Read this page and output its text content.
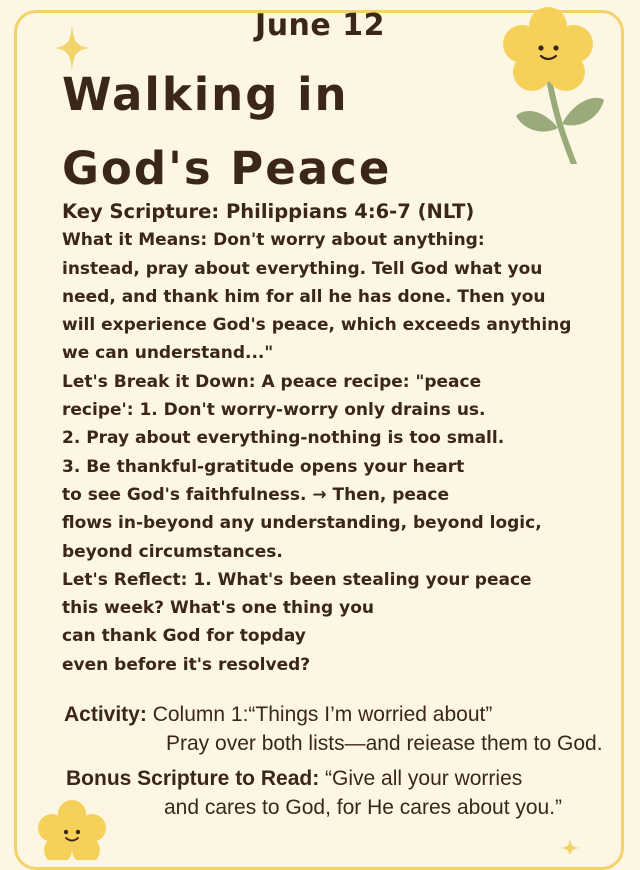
June 12
Walking in
God's Peace
Key Scripture: Philippians 4:6-7 (NLT)
What it Means: Don't worry about anything:
instead, pray about everything. Tell God what you
need, and thank him for all he has done. Then you
will experience God's peace, which exceeds anything
we can understand..."
Let's Break it Down: A peace recipe: "peace
recipe': 1. Don't worry-worry only drains us.
2. Pray about everything-nothing is too small.
3. Be thankful-gratitude opens your heart
to see God's faithfulness. → Then, peace
flows in-beyond any understanding, beyond logic,
beyond circumstances.
Let's Reflect: 1. What's been stealing your peace
this week? What's one thing you
can thank God for topday
even before it's resolved?
Activity: Column 1:“Things I’m worried about”
Pray over both lists—and reiease them to God.
Bonus Scripture to Read: “Give all your worries
and cares to God, for He cares about you.”
